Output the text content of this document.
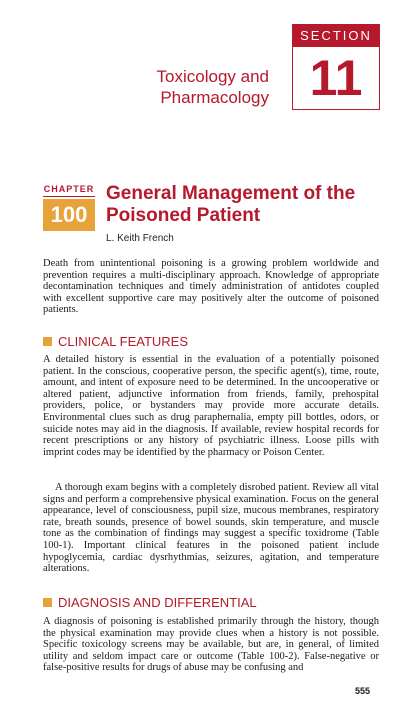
Toxicology and
Pharmacology
SECTION
11
CHAPTER
100
General Management of the
Poisoned Patient
L. Keith French

Death from unintentional poisoning is a growing problem worldwide and prevention requires a multi-disciplinary approach. Knowledge of appropriate decontamination techniques and timely administration of antidotes coupled with excellent supportive care may positively alter the outcome of poisoned patients.

CLINICAL FEATURES

A detailed history is essential in the evaluation of a potentially poisoned patient. In the conscious, cooperative person, the specific agent(s), time, route, amount, and intent of exposure need to be determined. In the uncooperative or altered patient, adjunctive information from friends, family, prehospital providers, police, or bystanders may provide more accurate details. Environmental clues such as drug paraphernalia, empty pill bottles, odors, or suicide notes may aid in the diagnosis. If available, review hospital records for recent prescriptions or any history of psychiatric illness. Loose pills with imprint codes may be identified by the pharmacy or Poison Center.

A thorough exam begins with a completely disrobed patient. Review all vital signs and perform a comprehensive physical examination. Focus on the general appearance, level of consciousness, pupil size, mucous membranes, respiratory rate, breath sounds, presence of bowel sounds, skin temperature, and muscle tone as the combination of findings may suggest a specific toxidrome (Table 100-1). Important clinical features in the poisoned patient include hypoglycemia, cardiac dysrhythmias, seizures, agitation, and temperature alterations.

DIAGNOSIS AND DIFFERENTIAL

A diagnosis of poisoning is established primarily through the history, though the physical examination may provide clues when a history is not possible. Specific toxicology screens may be available, but are, in general, of limited utility and seldom impact care or outcome (Table 100-2). False-negative or false-positive results for drugs of abuse may be confusing and

555
